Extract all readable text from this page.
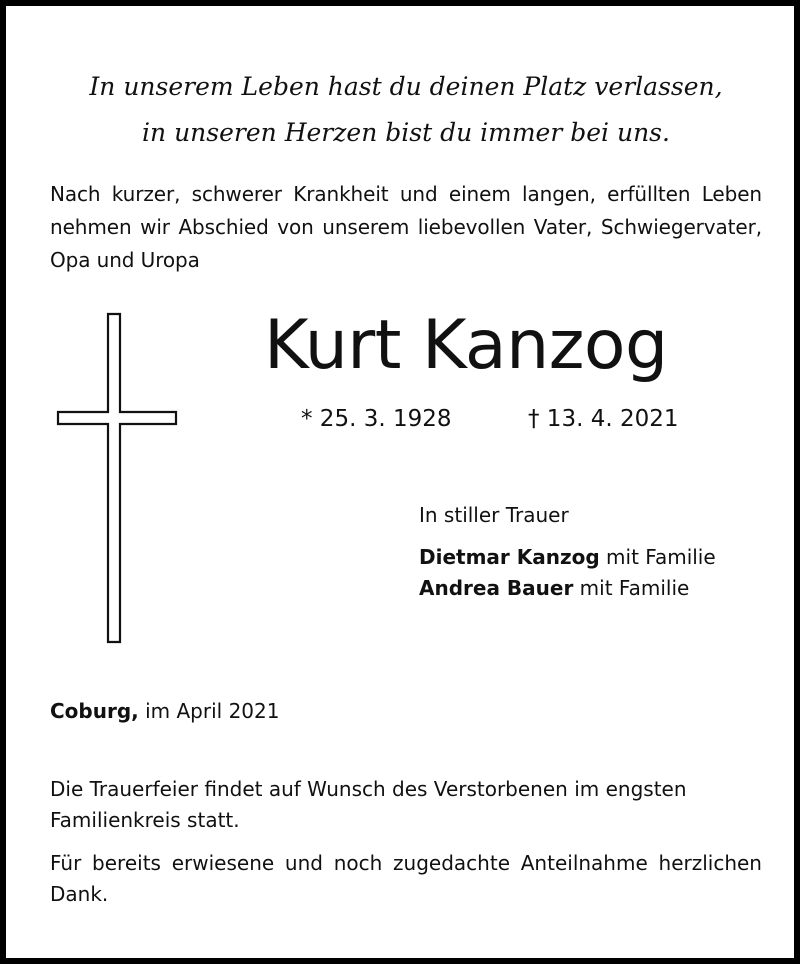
In unserem Leben hast du deinen Platz verlassen,
in unseren Herzen bist du immer bei uns.
Nach kurzer, schwerer Krankheit und einem langen, erfüllten Leben nehmen wir Abschied von unserem liebevollen Vater, Schwiegervater, Opa und Uropa
Kurt Kanzog
* 25. 3. 1928	† 13. 4. 2021
In stiller Trauer
Dietmar Kanzog mit Familie
Andrea Bauer mit Familie
Coburg, im April 2021
Die Trauerfeier findet auf Wunsch des Verstorbenen im engsten Familienkreis statt.
Für bereits erwiesene und noch zugedachte Anteilnahme herzlichen Dank.
